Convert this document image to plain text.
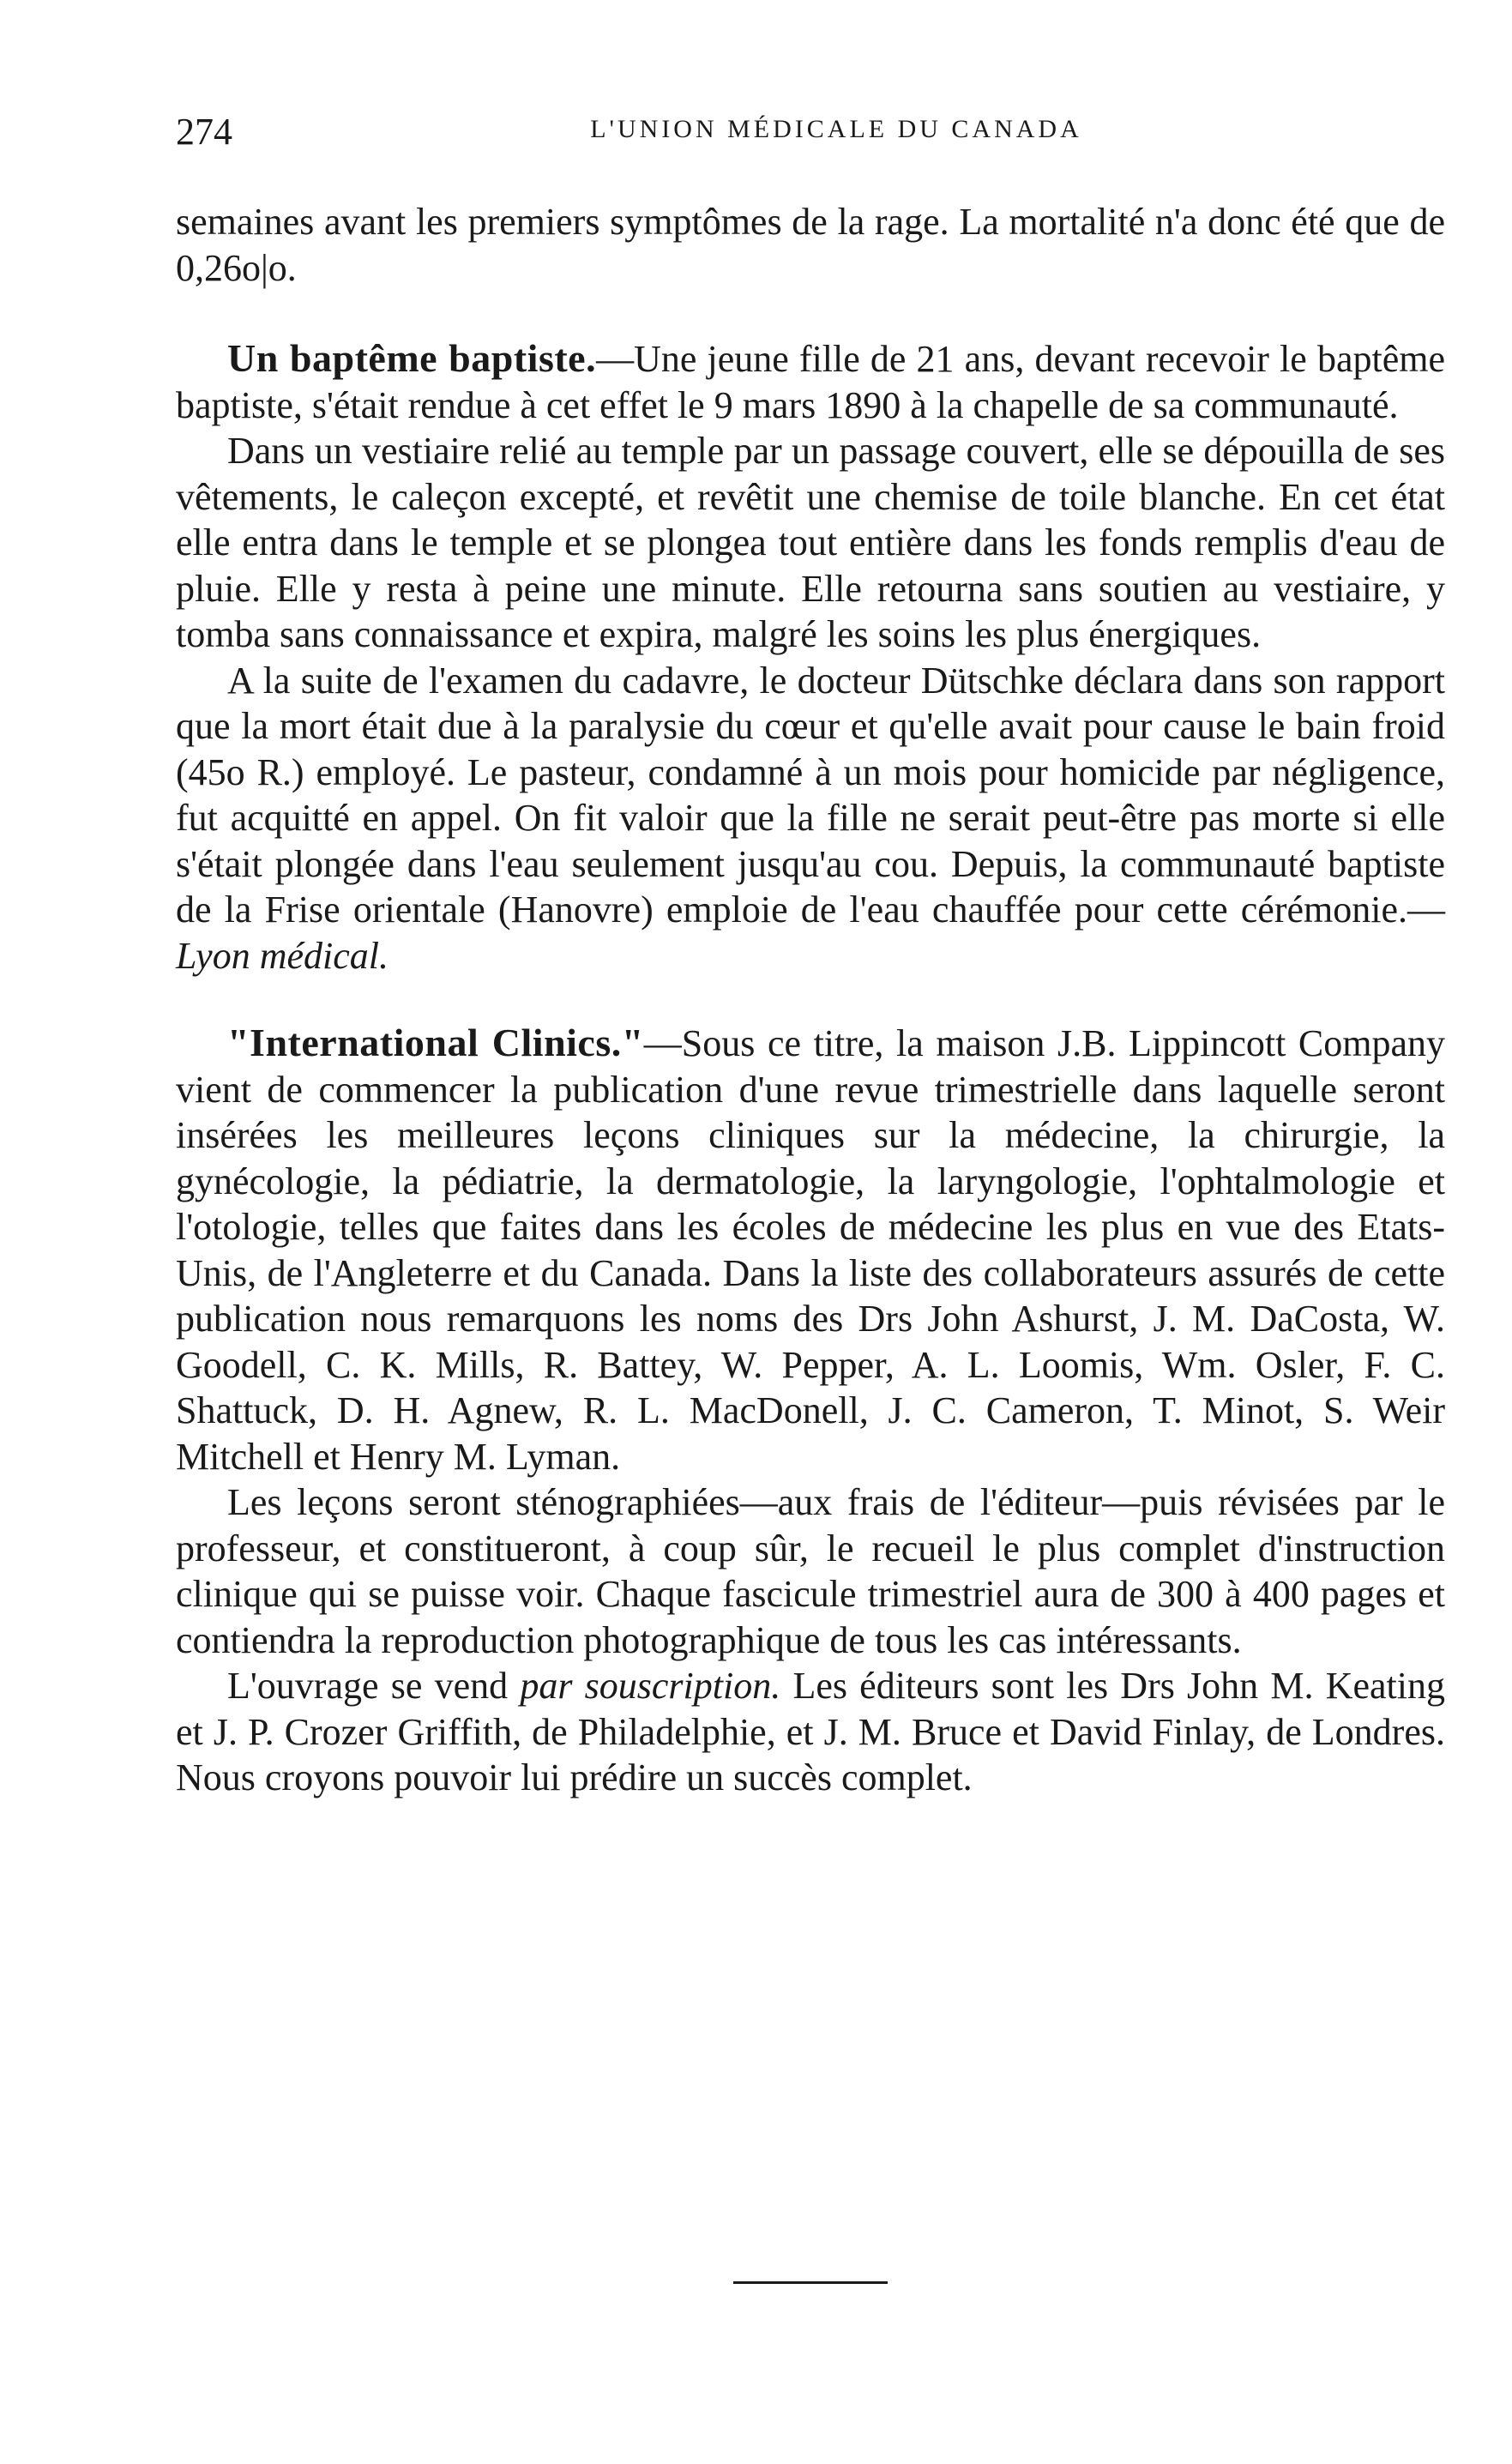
274	L'UNION MÉDICALE DU CANADA

semaines avant les premiers symptômes de la rage. La mortalité n'a donc été que de 0,26o|o.

Un baptême baptiste.—Une jeune fille de 21 ans, devant recevoir le baptême baptiste, s'était rendue à cet effet le 9 mars 1890 à la chapelle de sa communauté.

Dans un vestiaire relié au temple par un passage couvert, elle se dépouilla de ses vêtements, le caleçon excepté, et revêtit une chemise de toile blanche. En cet état elle entra dans le temple et se plongea tout entière dans les fonds remplis d'eau de pluie. Elle y resta à peine une minute. Elle retourna sans soutien au vestiaire, y tomba sans connaissance et expira, malgré les soins les plus énergiques.

A la suite de l'examen du cadavre, le docteur Dütschke déclara dans son rapport que la mort était due à la paralysie du cœur et qu'elle avait pour cause le bain froid (45o R.) employé. Le pasteur, condamné à un mois pour homicide par négligence, fut acquitté en appel. On fit valoir que la fille ne serait peut-être pas morte si elle s'était plongée dans l'eau seulement jusqu'au cou. Depuis, la communauté baptiste de la Frise orientale (Hanovre) emploie de l'eau chauffée pour cette cérémonie.—Lyon médical.

"International Clinics."—Sous ce titre, la maison J.B. Lippincott Company vient de commencer la publication d'une revue trimestrielle dans laquelle seront insérées les meilleures leçons cliniques sur la médecine, la chirurgie, la gynécologie, la pédiatrie, la dermatologie, la laryngologie, l'ophtalmologie et l'otologie, telles que faites dans les écoles de médecine les plus en vue des Etats-Unis, de l'Angleterre et du Canada. Dans la liste des collaborateurs assurés de cette publication nous remarquons les noms des Drs John Ashurst, J. M. DaCosta, W. Goodell, C. K. Mills, R. Battey, W. Pepper, A. L. Loomis, Wm. Osler, F. C. Shattuck, D. H. Agnew, R. L. MacDonell, J. C. Cameron, T. Minot, S. Weir Mitchell et Henry M. Lyman.

Les leçons seront sténographiées—aux frais de l'éditeur—puis révisées par le professeur, et constitueront, à coup sûr, le recueil le plus complet d'instruction clinique qui se puisse voir. Chaque fascicule trimestriel aura de 300 à 400 pages et contiendra la reproduction photographique de tous les cas intéressants.

L'ouvrage se vend par souscription. Les éditeurs sont les Drs John M. Keating et J. P. Crozer Griffith, de Philadelphie, et J. M. Bruce et David Finlay, de Londres. Nous croyons pouvoir lui prédire un succès complet.
